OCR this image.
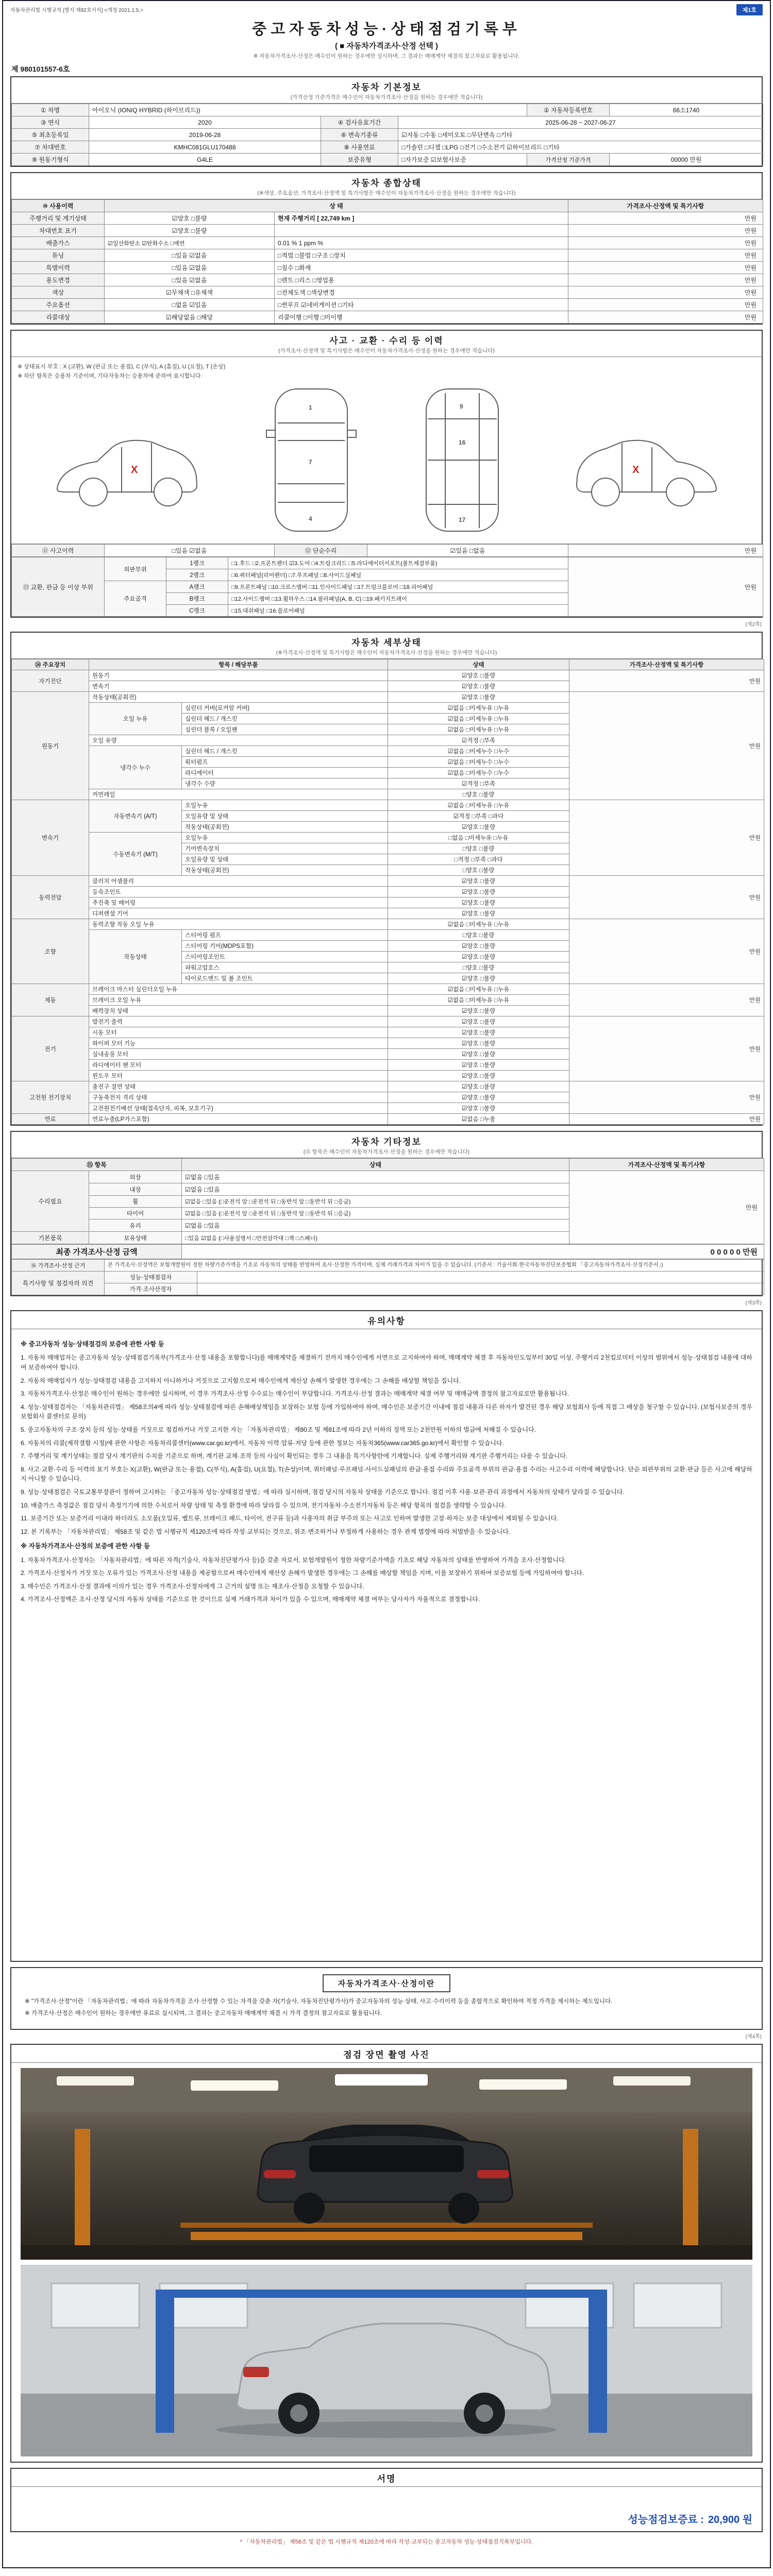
자동차관리법 시행규칙 [별지 제82호서식] <개정 2021.1.5.>	제1호
중고자동차성능·상태점검기록부
( ■ 자동차가격조사·산정 선택 )
※ 자동차가격조사·산정은 매수인이 원하는 경우에만 실시하며, 그 결과는 매매계약 체결의 참고자료로 활용됩니다.
제 980101557-6호
자동차 기본정보
(가격산정 기준가격은 매수인이 자동차가격조사·산정을 원하는 경우에만 적습니다)
① 차명	아이오닉 (IONIQ HYBRID (하이브리드))			② 자동차등록번호	66소1740
③ 연식	2020	④ 검사유효기간	2025-06-28 ~ 2027-06-27		
⑤ 최초등록일	2019-06-28	⑥ 변속기종류	☑자동 □수동 □세미오토 □무단변속 □기타		
⑦ 차대번호	KMHC081GLU170488	⑧ 사용연료	□가솔린 □디젤 □LPG □전기 □수소전기 ☑하이브리드 □기타		
⑨ 원동기형식	G4LE	보증유형	□자가보증 ☑보험사보증	가격산정 기준가격	00000 만원
자동차 종합상태
(※색상, 주요옵션, 가격조사·산정액 및 특기사항은 매수인이 자동차가격조사·산정을 원하는 경우에만 적습니다)
⑩ 사용이력	상 태		가격조사·산정액 및 특기사항
주행거리 및 계기상태	☑양호 □불량	현재 주행거리 [ 22,749 km ]	만원
차대번호 표기	☑양호 □불량		만원
배출가스	☑일산화탄소 ☑탄화수소 □매연	0.01 % 1 ppm %	만원
튜닝	□있음 ☑없음	□적법 □불법 □구조 □장치	만원
특별이력	□있음 ☑없음	□침수 □화재	만원
용도변경	□있음 ☑없음	□렌트 □리스 □영업용	만원
색상	☑무채색 □유채색	□전체도색 □색상변경	만원
주요옵션	□없음 ☑있음	□썬루프 ☑네비게이션 □기타	만원
리콜대상	☑해당없음 □해당	리콜이행 □이행 □미이행	만원
사고 · 교환 · 수리 등 이력
(가격조사·산정액 및 특기사항은 매수인이 자동차가격조사·산정을 원하는 경우에만 적습니다)
※ 상태표시 부호 : X (교환), W (판금 또는 용접), C (부식), A (흠집), U (요철), T (손상)
※ 하단 항목은 승용차 기준이며, 기타자동차는 승용차에 준하여 표시합니다.
X
1
7
4
9
16
17
X
⑪ 사고이력	□있음 ☑없음	⑫ 단순수리	☑있음 □없음	만원
⑬ 교환, 판금 등 이상 부위	외판부위	1랭크	□1.후드 □2.프론트펜더 ☑3.도어 □4.트렁크리드 □5.라디에이터서포트(볼트체결부품)	만원
		2랭크	□6.쿼터패널(리어펜더) □7.루프패널 □8.사이드실패널	
	주요골격	A랭크	□9.프론트패널 □10.크로스멤버 □11.인사이드패널 □17.트렁크플로어 □18.리어패널	
		B랭크	□12.사이드멤버 □13.휠하우스 □14.필러패널(A, B, C) □19.패키지트레이	
		C랭크	□15.대쉬패널 □16.플로어패널	
(제2쪽)
자동차 세부상태
(※가격조사·산정액 및 특기사항은 매수인이 자동차가격조사·산정을 원하는 경우에만 적습니다)
⑭ 주요장치	항목 / 해당부품		상태	가격조사·산정액 및 특기사항
자기진단	원동기		☑양호 □불량	만원
	변속기		☑양호 □불량	
원동기	작동상태(공회전)		☑양호 □불량	만원
	오일 누유	실린더 커버(로커암 커버)	☑없음 □미세누유 □누유	
		실린더 헤드 / 개스킷	☑없음 □미세누유 □누유	
		실린더 블록 / 오일팬	☑없음 □미세누유 □누유	
	오일 유량		☑적정 □부족	
	냉각수 누수	실린더 헤드 / 개스킷	☑없음 □미세누수 □누수	
		워터펌프	☑없음 □미세누수 □누수	
		라디에이터	☑없음 □미세누수 □누수	
		냉각수 수량	☑적정 □부족	
	커먼레일		□양호 □불량	
변속기	자동변속기 (A/T)	오일누유	☑없음 □미세누유 □누유	만원
		오일유량 및 상태	☑적정 □부족 □과다	
		작동상태(공회전)	☑양호 □불량	
	수동변속기 (M/T)	오일누유	□없음 □미세누유 □누유	
		기어변속장치	□양호 □불량	
		오일유량 및 상태	□적정 □부족 □과다	
		작동상태(공회전)	□양호 □불량	
동력전달	클러치 어셈블리		☑양호 □불량	만원
	등속조인트		☑양호 □불량	
	추진축 및 베어링		☑양호 □불량	
	디퍼렌셜 기어		☑양호 □불량	
조향	동력조향 작동 오일 누유		☑없음 □미세누유 □누유	만원
	작동상태	스티어링 펌프	□양호 □불량	
		스티어링 기어(MDPS포함)	☑양호 □불량	
		스티어링조인트	☑양호 □불량	
		파워고압호스	□양호 □불량	
		타이로드엔드 및 볼 조인트	☑양호 □불량	
제동	브레이크 마스터 실린더오일 누유		☑없음 □미세누유 □누유	만원
	브레이크 오일 누유		☑없음 □미세누유 □누유	
	배력장치 상태		☑양호 □불량	
전기	발전기 출력		☑양호 □불량	만원
	시동 모터		☑양호 □불량	
	와이퍼 모터 기능		☑양호 □불량	
	실내송풍 모터		☑양호 □불량	
	라디에이터 팬 모터		☑양호 □불량	
	윈도우 모터		☑양호 □불량	
고전원 전기장치	충전구 절연 상태		☑양호 □불량	만원
	구동축전지 격리 상태		☑양호 □불량	
	고전원전기배선 상태(접속단자, 피복, 보호기구)		☑양호 □불량	
연료	연료누출(LP가스포함)		☑없음 □누출	만원
자동차 기타정보
(⑮ 항목은 매수인이 자동차가격조사·산정을 원하는 경우에만 적습니다)
⑮ 항목		상태	가격조사·산정액 및 특기사항
수리필요	외장	☑없음 □있음	만원
	내장	☑없음 □있음	
	휠	☑없음 □있음 (□운전석 앞 □운전석 뒤 □동반석 앞 □동반석 뒤 □응급)	
	타이어	☑없음 □있음 (□운전석 앞 □운전석 뒤 □동반석 앞 □동반석 뒤 □응급)	
	유리	☑없음 □있음	
기본품목	보유상태	□있음 ☑없음 (□사용설명서 □안전삼각대 □잭 □스패너)	
최종 가격조사·산정 금액	0 0 0 0 0 만원
⑯ 가격조사·산정 근거	본 가격조사·산정액은 보험개발원이 정한 차량기준가액을 기초로 자동차의 상태를 반영하여 조사·산정한 가격이며, 실제 거래가격과 차이가 있을 수 있습니다. (기준서 : 기술사회·한국자동차진단보증협회 「중고자동차가격조사·산정기준서」)	
특기사항 및 점검자의 의견	성능·상태점검자	
	가격·조사산정자	
(제3쪽)
유의사항
※ 중고자동차 성능·상태점검의 보증에 관한 사항 등
1. 자동차 매매업자는 중고자동차 성능·상태점검기록부(가격조사·산정 내용을 포함합니다)를 매매계약을 체결하기 전까지 매수인에게 서면으로 고지하여야 하며, 매매계약 체결 후 자동차인도일부터 30일 이상, 주행거리 2천킬로미터 이상의 범위에서 성능·상태점검 내용에 대하여 보증하여야 합니다.
2. 자동차 매매업자가 성능·상태점검 내용을 고지하지 아니하거나 거짓으로 고지함으로써 매수인에게 재산상 손해가 발생한 경우에는 그 손해를 배상할 책임을 집니다.
3. 자동차가격조사·산정은 매수인이 원하는 경우에만 실시하며, 이 경우 가격조사·산정 수수료는 매수인이 부담합니다. 가격조사·산정 결과는 매매계약 체결 여부 및 매매금액 결정의 참고자료로만 활용됩니다.
4. 성능·상태점검자는 「자동차관리법」 제58조의4에 따라 성능·상태점검에 따른 손해배상책임을 보장하는 보험 등에 가입하여야 하며, 매수인은 보증기간 이내에 점검 내용과 다른 하자가 발견된 경우 해당 보험회사 등에 직접 그 배상을 청구할 수 있습니다. (보험사보증의 경우 보험회사 콜센터로 문의)
5. 중고자동차의 구조·장치 등의 성능·상태를 거짓으로 점검하거나 거짓 고지한 자는 「자동차관리법」 제80조 및 제81조에 따라 2년 이하의 징역 또는 2천만원 이하의 벌금에 처해질 수 있습니다.
6. 자동차의 리콜(제작결함 시정)에 관한 사항은 자동차리콜센터(www.car.go.kr)에서, 자동차 이력·압류·저당 등에 관한 정보는 자동차365(www.car365.go.kr)에서 확인할 수 있습니다.
7. 주행거리 및 계기상태는 점검 당시 계기판의 수치를 기준으로 하며, 계기판 교체·조작 등의 사실이 확인되는 경우 그 내용을 특기사항란에 기재합니다. 실제 주행거리와 계기판 주행거리는 다를 수 있습니다.
8. 사고·교환·수리 등 이력의 표기 부호는 X(교환), W(판금 또는 용접), C(부식), A(흠집), U(요철), T(손상)이며, 쿼터패널·루프패널·사이드실패널의 판금·용접 수리와 주요골격 부위의 판금·용접 수리는 사고수리 이력에 해당합니다. 단순 외판부위의 교환·판금 등은 사고에 해당하지 아니할 수 있습니다.
9. 성능·상태점검은 국토교통부장관이 정하여 고시하는 「중고자동차 성능·상태점검 방법」에 따라 실시하며, 점검 당시의 자동차 상태를 기준으로 합니다. 점검 이후 사용·보관·관리 과정에서 자동차의 상태가 달라질 수 있습니다.
10. 배출가스 측정값은 점검 당시 측정기기에 의한 수치로서 차량 상태 및 측정 환경에 따라 달라질 수 있으며, 전기자동차·수소전기자동차 등은 해당 항목의 점검을 생략할 수 있습니다.
11. 보증기간 또는 보증거리 이내라 하더라도 소모품(오일류, 벨트류, 브레이크 패드, 타이어, 전구류 등)과 사용자의 취급 부주의 또는 사고로 인하여 발생한 고장·하자는 보증 대상에서 제외될 수 있습니다.
12. 본 기록부는 「자동차관리법」 제58조 및 같은 법 시행규칙 제120조에 따라 작성·교부되는 것으로, 위조·변조하거나 부정하게 사용하는 경우 관계 법령에 따라 처벌받을 수 있습니다.
※ 자동차가격조사·산정의 보증에 관한 사항 등
1. 자동차가격조사·산정자는 「자동차관리법」에 따른 자격(기술사, 자동차진단평가사 등)을 갖춘 자로서, 보험개발원이 정한 차량기준가액을 기초로 해당 자동차의 상태를 반영하여 가격을 조사·산정합니다.
2. 가격조사·산정자가 거짓 또는 오류가 있는 가격조사·산정 내용을 제공함으로써 매수인에게 재산상 손해가 발생한 경우에는 그 손해를 배상할 책임을 지며, 이를 보장하기 위하여 보증보험 등에 가입하여야 합니다.
3. 매수인은 가격조사·산정 결과에 이의가 있는 경우 가격조사·산정자에게 그 근거의 설명 또는 재조사·산정을 요청할 수 있습니다.
4. 가격조사·산정액은 조사·산정 당시의 자동차 상태를 기준으로 한 것이므로 실제 거래가격과 차이가 있을 수 있으며, 매매계약 체결 여부는 당사자가 자율적으로 결정합니다.
자동차가격조사·산정이란
※ "가격조사·산정"이란 「자동차관리법」에 따라 자동차가격을 조사·산정할 수 있는 자격을 갖춘 자(기술사, 자동차진단평가사)가 중고자동차의 성능·상태, 사고·수리이력 등을 종합적으로 확인하여 적정 가격을 제시하는 제도입니다.
※ 가격조사·산정은 매수인이 원하는 경우에만 유료로 실시되며, 그 결과는 중고자동차 매매계약 체결 시 가격 결정의 참고자료로 활용됩니다.
(제4쪽)
점검 장면 촬영 사진
서명
성능점검보증료 : 20,900 원
* 「자동차관리법」 제58조 및 같은 법 시행규칙 제120조에 따라 작성·교부되는 중고자동차 성능·상태점검기록부입니다.
